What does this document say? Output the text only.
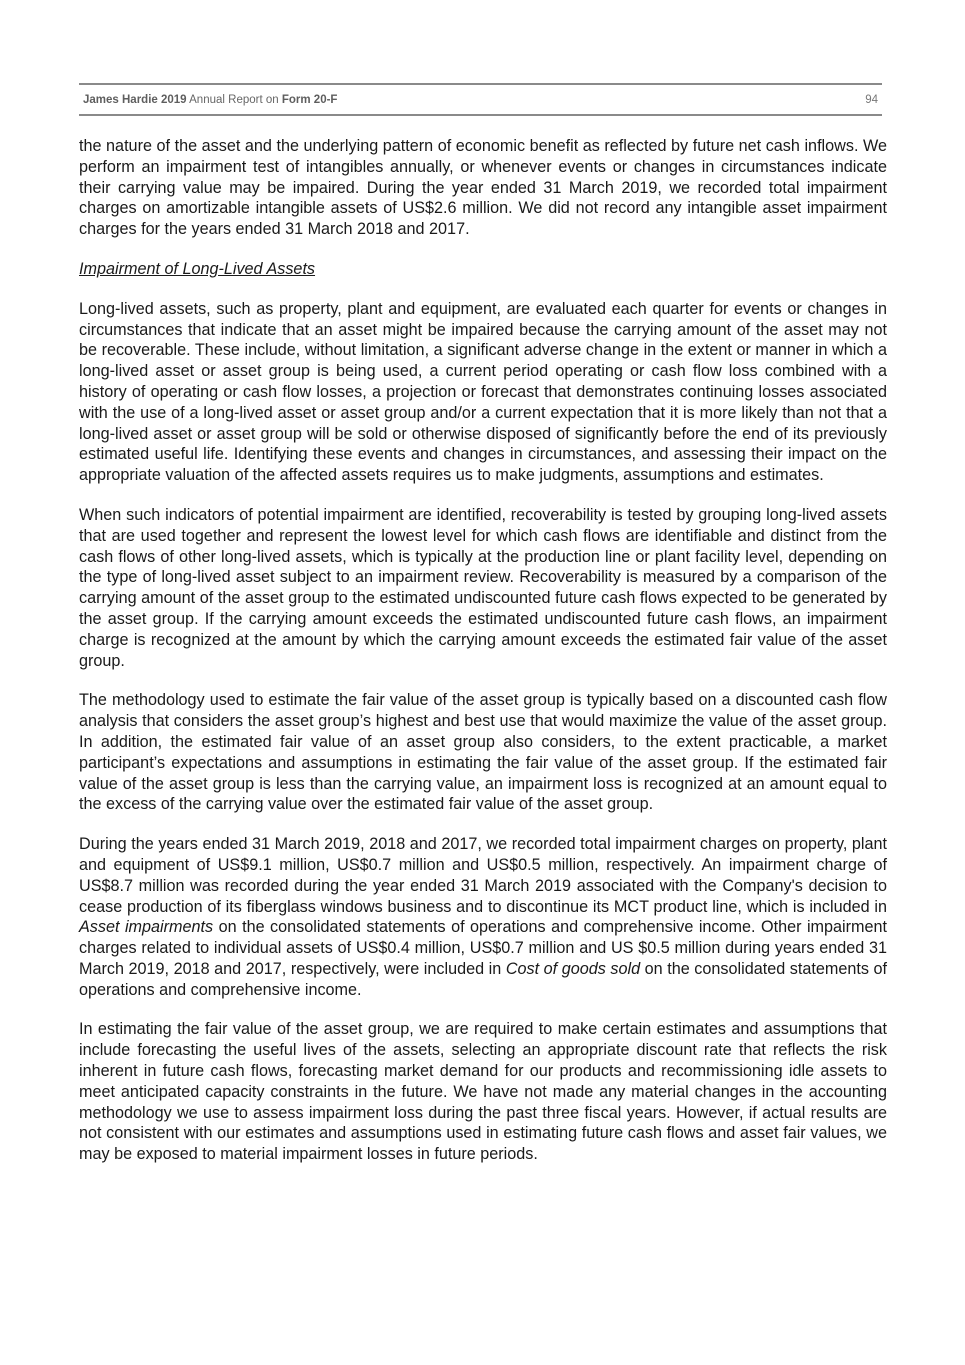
James Hardie 2019 Annual Report on Form 20-F	94

the nature of the asset and the underlying pattern of economic benefit as reflected by future net cash inflows. We perform an impairment test of intangibles annually, or whenever events or changes in circumstances indicate their carrying value may be impaired. During the year ended 31 March 2019, we recorded total impairment charges on amortizable intangible assets of US$2.6 million. We did not record any intangible asset impairment charges for the years ended 31 March 2018 and 2017.

Impairment of Long-Lived Assets

Long-lived assets, such as property, plant and equipment, are evaluated each quarter for events or changes in circumstances that indicate that an asset might be impaired because the carrying amount of the asset may not be recoverable. These include, without limitation, a significant adverse change in the extent or manner in which a long-lived asset or asset group is being used, a current period operating or cash flow loss combined with a history of operating or cash flow losses, a projection or forecast that demonstrates continuing losses associated with the use of a long-lived asset or asset group and/or a current expectation that it is more likely than not that a long-lived asset or asset group will be sold or otherwise disposed of significantly before the end of its previously estimated useful life. Identifying these events and changes in circumstances, and assessing their impact on the appropriate valuation of the affected assets requires us to make judgments, assumptions and estimates.

When such indicators of potential impairment are identified, recoverability is tested by grouping long-lived assets that are used together and represent the lowest level for which cash flows are identifiable and distinct from the cash flows of other long-lived assets, which is typically at the production line or plant facility level, depending on the type of long-lived asset subject to an impairment review. Recoverability is measured by a comparison of the carrying amount of the asset group to the estimated undiscounted future cash flows expected to be generated by the asset group. If the carrying amount exceeds the estimated undiscounted future cash flows, an impairment charge is recognized at the amount by which the carrying amount exceeds the estimated fair value of the asset group.

The methodology used to estimate the fair value of the asset group is typically based on a discounted cash flow analysis that considers the asset group’s highest and best use that would maximize the value of the asset group. In addition, the estimated fair value of an asset group also considers, to the extent practicable, a market participant’s expectations and assumptions in estimating the fair value of the asset group. If the estimated fair value of the asset group is less than the carrying value, an impairment loss is recognized at an amount equal to the excess of the carrying value over the estimated fair value of the asset group.

During the years ended 31 March 2019, 2018 and 2017, we recorded total impairment charges on property, plant and equipment of US$9.1 million, US$0.7 million and US$0.5 million, respectively. An impairment charge of US$8.7 million was recorded during the year ended 31 March 2019 associated with the Company's decision to cease production of its fiberglass windows business and to discontinue its MCT product line, which is included in Asset impairments on the consolidated statements of operations and comprehensive income. Other impairment charges related to individual assets of US$0.4 million, US$0.7 million and US $0.5 million during years ended 31 March 2019, 2018 and 2017, respectively, were included in Cost of goods sold on the consolidated statements of operations and comprehensive income.

In estimating the fair value of the asset group, we are required to make certain estimates and assumptions that include forecasting the useful lives of the assets, selecting an appropriate discount rate that reflects the risk inherent in future cash flows, forecasting market demand for our products and recommissioning idle assets to meet anticipated capacity constraints in the future. We have not made any material changes in the accounting methodology we use to assess impairment loss during the past three fiscal years. However, if actual results are not consistent with our estimates and assumptions used in estimating future cash flows and asset fair values, we may be exposed to material impairment losses in future periods.
